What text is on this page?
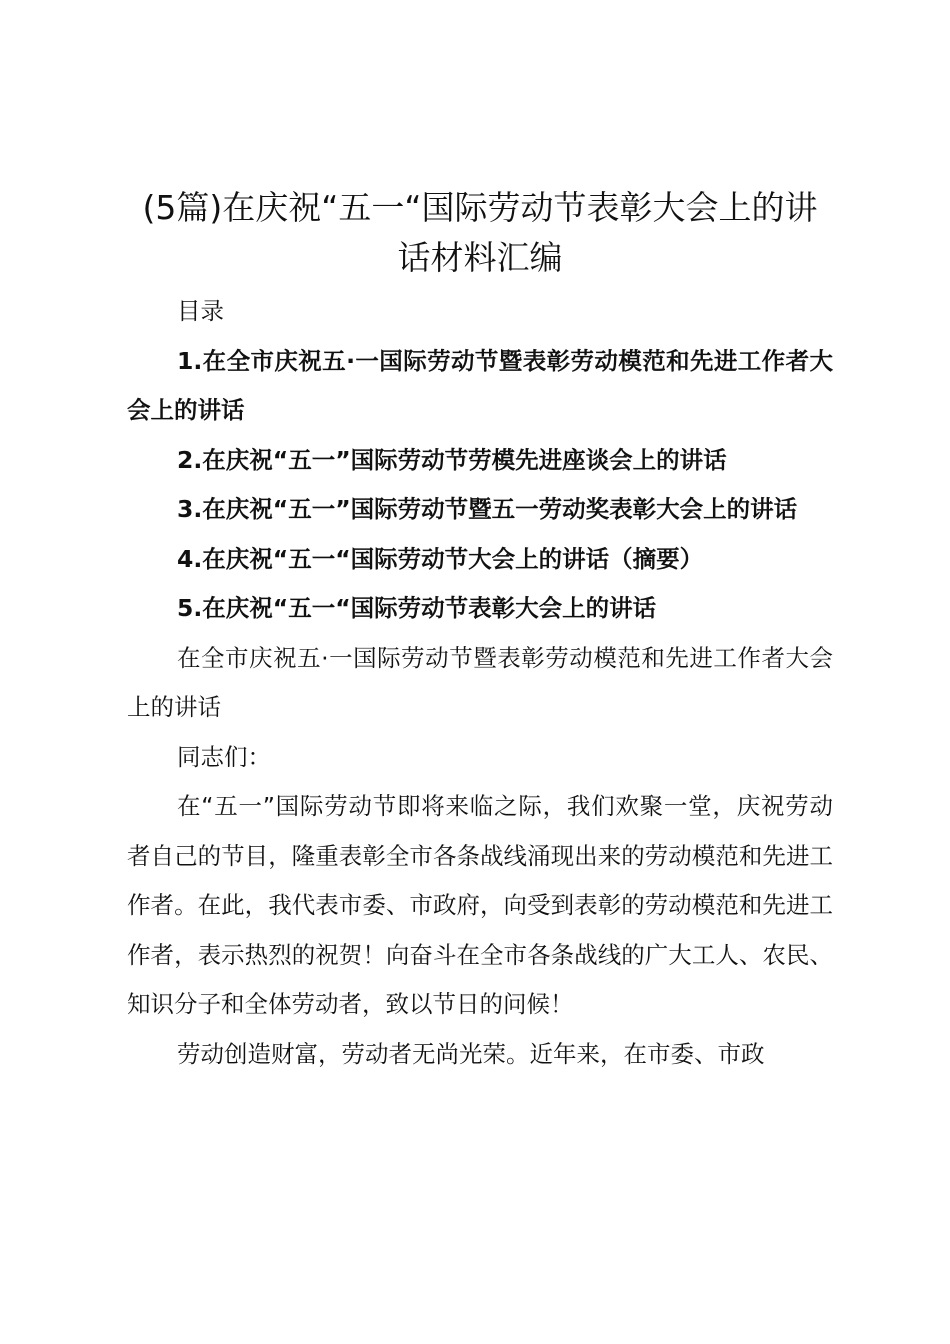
(5篇)在庆祝“五一“国际劳动节表彰大会上的讲话材料汇编

目录

1.在全市庆祝五·一国际劳动节暨表彰劳动模范和先进工作者大会上的讲话

2.在庆祝“五一”国际劳动节劳模先进座谈会上的讲话

3.在庆祝“五一”国际劳动节暨五一劳动奖表彰大会上的讲话

4.在庆祝“五一“国际劳动节大会上的讲话（摘要）

5.在庆祝“五一“国际劳动节表彰大会上的讲话

在全市庆祝五·一国际劳动节暨表彰劳动模范和先进工作者大会上的讲话

同志们：

在“五一”国际劳动节即将来临之际，我们欢聚一堂，庆祝劳动者自己的节目，隆重表彰全市各条战线涌现出来的劳动模范和先进工作者。在此，我代表市委、市政府，向受到表彰的劳动模范和先进工作者，表示热烈的祝贺！向奋斗在全市各条战线的广大工人、农民、知识分子和全体劳动者，致以节日的问候！

劳动创造财富，劳动者无尚光荣。近年来，在市委、市政
